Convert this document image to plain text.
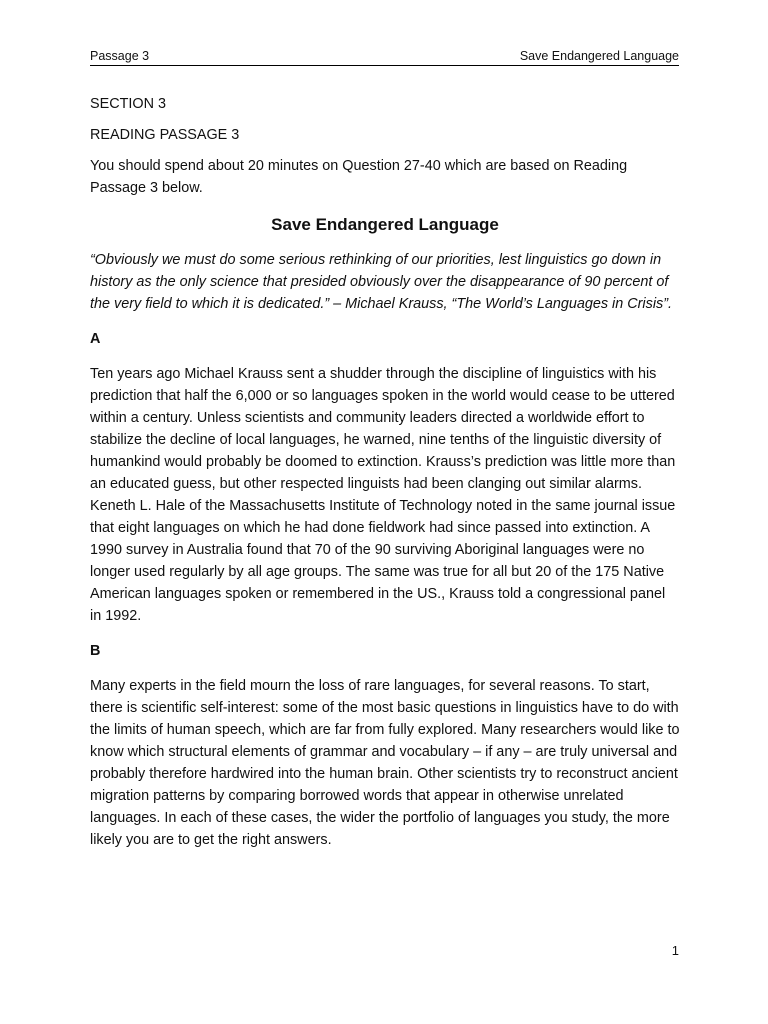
Passage 3	Save Endangered Language

SECTION 3

READING PASSAGE 3

You should spend about 20 minutes on Question 27-40 which are based on Reading Passage 3 below.

Save Endangered Language

“Obviously we must do some serious rethinking of our priorities, lest linguistics go down in history as the only science that presided obviously over the disappearance of 90 percent of the very field to which it is dedicated.” – Michael Krauss, “The World’s Languages in Crisis”.

A

Ten years ago Michael Krauss sent a shudder through the discipline of linguistics with his prediction that half the 6,000 or so languages spoken in the world would cease to be uttered within a century. Unless scientists and community leaders directed a worldwide effort to stabilize the decline of local languages, he warned, nine tenths of the linguistic diversity of humankind would probably be doomed to extinction. Krauss’s prediction was little more than an educated guess, but other respected linguists had been clanging out similar alarms. Keneth L. Hale of the Massachusetts Institute of Technology noted in the same journal issue that eight languages on which he had done fieldwork had since passed into extinction. A 1990 survey in Australia found that 70 of the 90 surviving Aboriginal languages were no longer used regularly by all age groups. The same was true for all but 20 of the 175 Native American languages spoken or remembered in the US., Krauss told a congressional panel in 1992.

B

Many experts in the field mourn the loss of rare languages, for several reasons. To start, there is scientific self-interest: some of the most basic questions in linguistics have to do with the limits of human speech, which are far from fully explored. Many researchers would like to know which structural elements of grammar and vocabulary – if any – are truly universal and probably therefore hardwired into the human brain. Other scientists try to reconstruct ancient migration patterns by comparing borrowed words that appear in otherwise unrelated languages. In each of these cases, the wider the portfolio of languages you study, the more likely you are to get the right answers.

1
